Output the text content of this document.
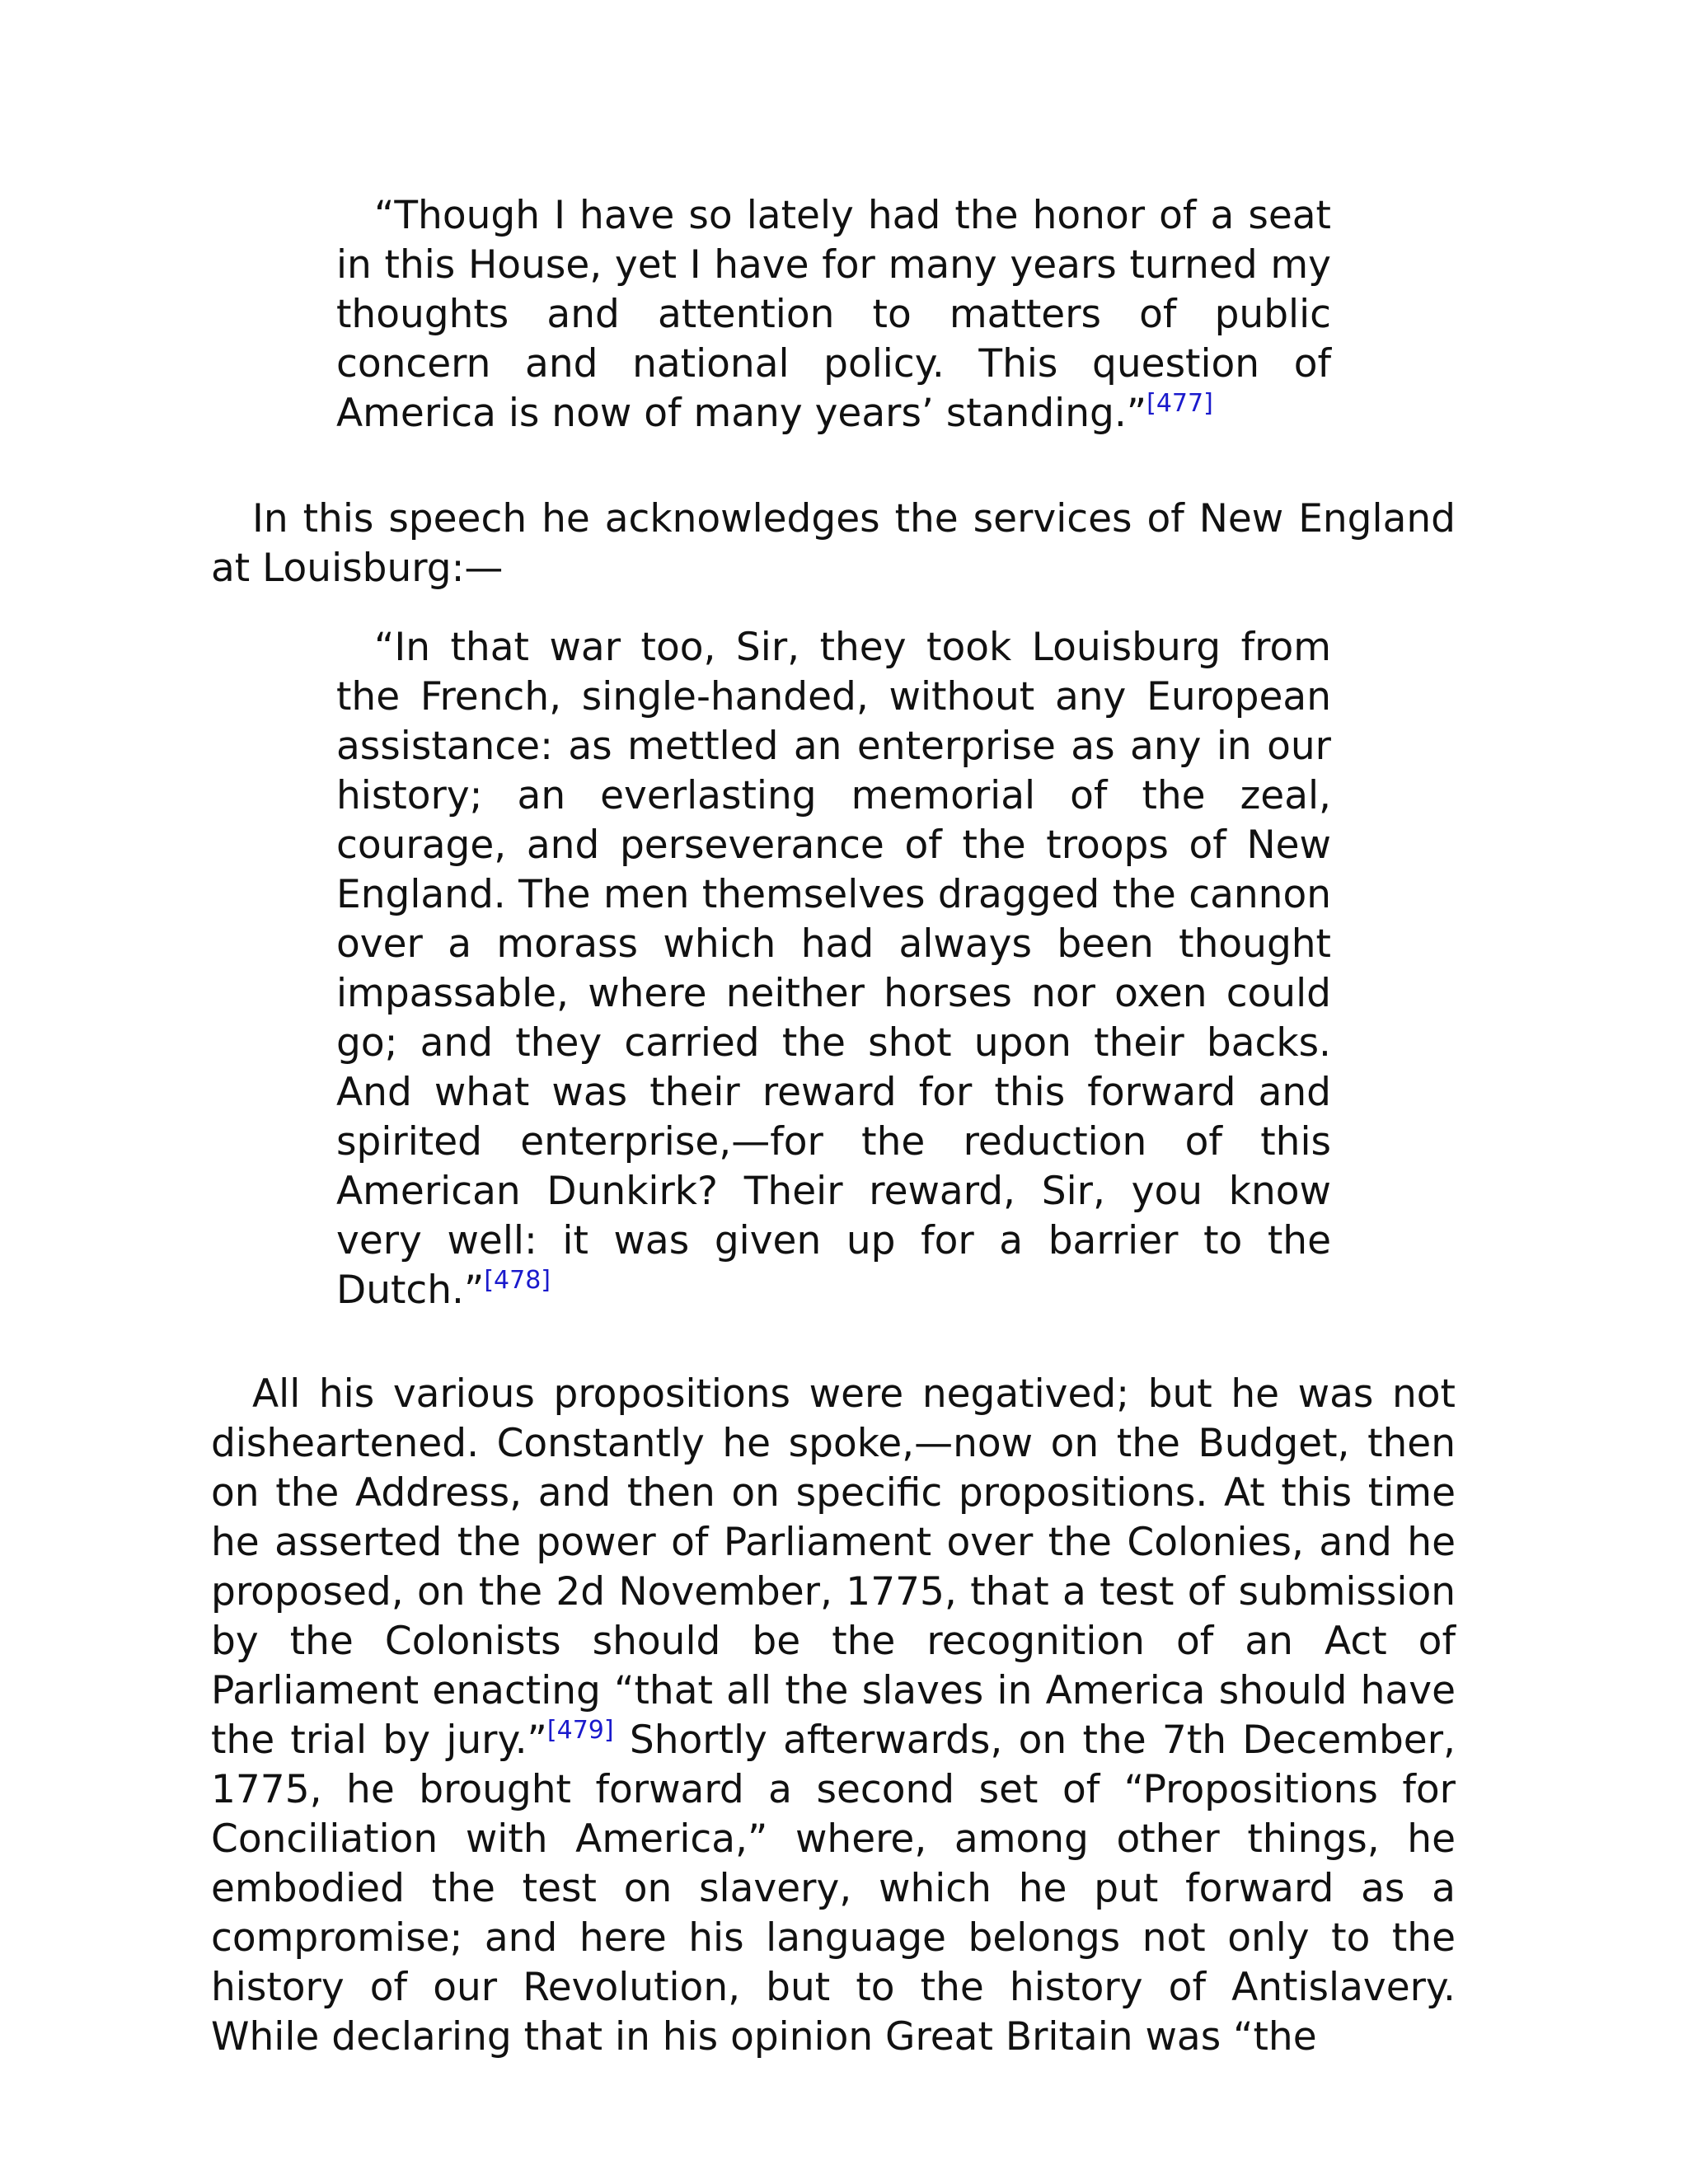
“Though I have so lately had the honor of a seat in this House, yet I have for many years turned my thoughts and attention to matters of public concern and national policy. This question of America is now of many years’ standing.”[477]
In this speech he acknowledges the services of New England at Louisburg:—
“In that war too, Sir, they took Louisburg from the French, single-handed, without any European assistance: as mettled an enterprise as any in our history; an everlasting memorial of the zeal, courage, and perseverance of the troops of New England. The men themselves dragged the cannon over a morass which had always been thought impassable, where neither horses nor oxen could go; and they carried the shot upon their backs. And what was their reward for this forward and spirited enterprise,—for the reduction of this American Dunkirk? Their reward, Sir, you know very well: it was given up for a barrier to the Dutch.”[478]
All his various propositions were negatived; but he was not disheartened. Constantly he spoke,—now on the Budget, then on the Address, and then on specific propositions. At this time he asserted the power of Parliament over the Colonies, and he proposed, on the 2d November, 1775, that a test of submission by the Colonists should be the recognition of an Act of Parliament enacting “that all the slaves in America should have the trial by jury.”[479] Shortly afterwards, on the 7th December, 1775, he brought forward a second set of “Propositions for Conciliation with America,” where, among other things, he embodied the test on slavery, which he put forward as a compromise; and here his language belongs not only to the history of our Revolution, but to the history of Antislavery. While declaring that in his opinion Great Britain was “the
